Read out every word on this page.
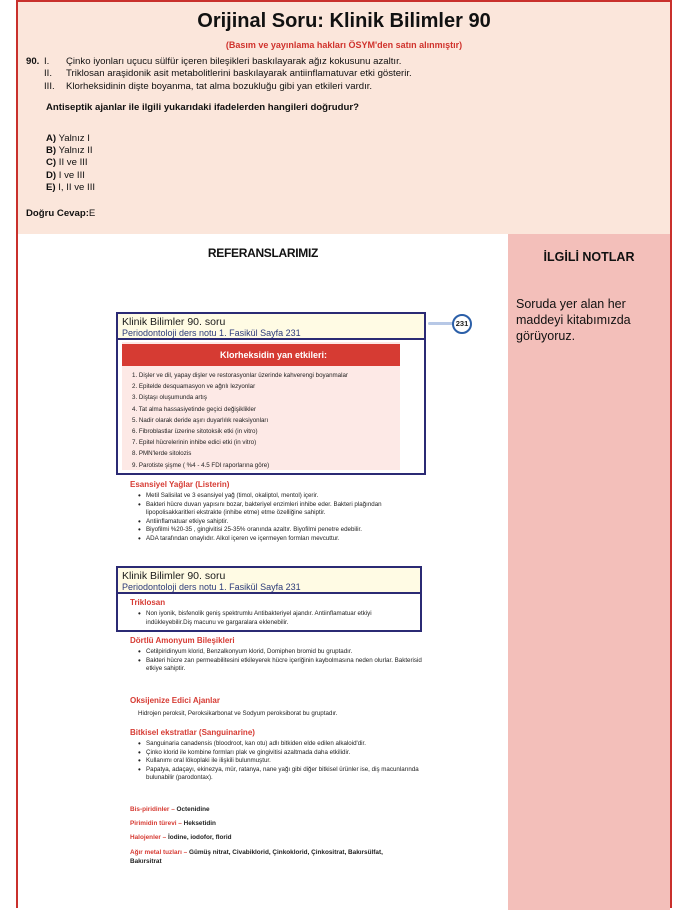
Orijinal Soru: Klinik Bilimler 90
(Basım ve yayınlama hakları ÖSYM'den satın alınmıştır)
90. I.	Çinko iyonları uçucu sülfür içeren bileşikleri baskılayarak ağız kokusunu azaltır.
II.	Triklosan araşidonik asit metabolitlerini baskılayarak antiinflamatuvar etki gösterir.
III.	Klorheksidinin dişte boyanma, tat alma bozukluğu gibi yan etkileri vardır.
Antiseptik ajanlar ile ilgili yukarıdaki ifadelerden hangileri doğrudur?
A) Yalnız I
B) Yalnız II
C) II ve III
D) I ve III
E) I, II ve III
Doğru Cevap:E
REFERANSLARIMIZ
Klinik Bilimler 90. soru
Periodontoloji ders notu 1. Fasikül Sayfa 231
231
Klorheksidin yan etkileri:
1. Dişler ve dil, yapay dişler ve restorasyonlar üzerinde kahverengi boyanmalar
2. Epitelde desquamasyon ve ağrılı lezyonlar
3. Diştaşı oluşumunda artış
4. Tat alma hassasiyetinde geçici değişiklikler
5. Nadir olarak deride aşırı duyarlılık reaksiyonları
6. Fibroblastlar üzerine sitotoksik etki (in vitro)
7. Epitel hücrelerinin inhibe edici etki (in vitro)
8. PMN'lerde sitolozis
9. Parotiste şişme ( %4 - 4.5 FDI raporlarına göre)
Esansiyel Yağlar (Listerin)
• Metil Salisilat ve 3 esansiyel yağ (timol, okaliptol, mentol) içerir.
• Bakteri hücre duvarı yapısını bozar, bakteriyel enzimleri inhibe eder. Bakteri plağından lipopolisakkaritleri ekstrakte (inhibe etme) etme özelliğine sahiptir.
• Antiinflamatuar etkiye sahiptir.
• Biyofilmi %20-35 , gingivitisi 25-35% oranında azaltır. Biyofilmi penetre edebilir.
• ADA tarafından onaylıdır. Alkol içeren ve içermeyen formları mevcuttur.
Klinik Bilimler 90. soru
Periodontoloji ders notu 1. Fasikül Sayfa 231
Triklosan
• Non iyonik, bisfenolik geniş spektrumlu Antibakteriyel ajandır. Antiinflamatuar etkiyi indükleyebilir.Diş macunu ve gargaralara eklenebilir.
Dörtlü Amonyum Bileşikleri
• Cetilpiridinyum klorid, Benzalkonyum klorid, Domiphen bromid bu gruptadır.
• Bakteri hücre zarı permeabilitesini etkileyerek hücre içeriğinin kaybolmasına neden olurlar. Bakterisid etkiye sahiptir.
Oksijenize Edici Ajanlar
Hidrojen peroksit, Peroksikarbonat ve Sodyum peroksiborat bu gruptadır.
Bitkisel ekstratlar (Sanguinarine)
• Sanguinaria canadensis (bloodroot, kan otu) adlı bitkiden elde edilen alkaloid'dir.
• Çinko klorid ile kombine formları plak ve gingivitisi azaltmada daha etkilidir.
• Kullanımı oral lökoplaki ile ilişkili bulunmuştur.
• Papatya, adaçayı, ekinezya, mür, ratanya, nane yağı gibi diğer bitkisel ürünler ise, diş macunlarında bulunabilir (parodontax).
Bis-piridinler – Octenidine
Pirimidin türevi – Heksetidin
Halojenler – İodine, iodofor, florid
Ağır metal tuzları – Gümüş nitrat, Civabiklorid, Çinkoklorid, Çinkositrat, Bakırsülfat, Bakırsitrat
İLGİLİ NOTLAR
Soruda yer alan her maddeyi kitabımızda görüyoruz.
